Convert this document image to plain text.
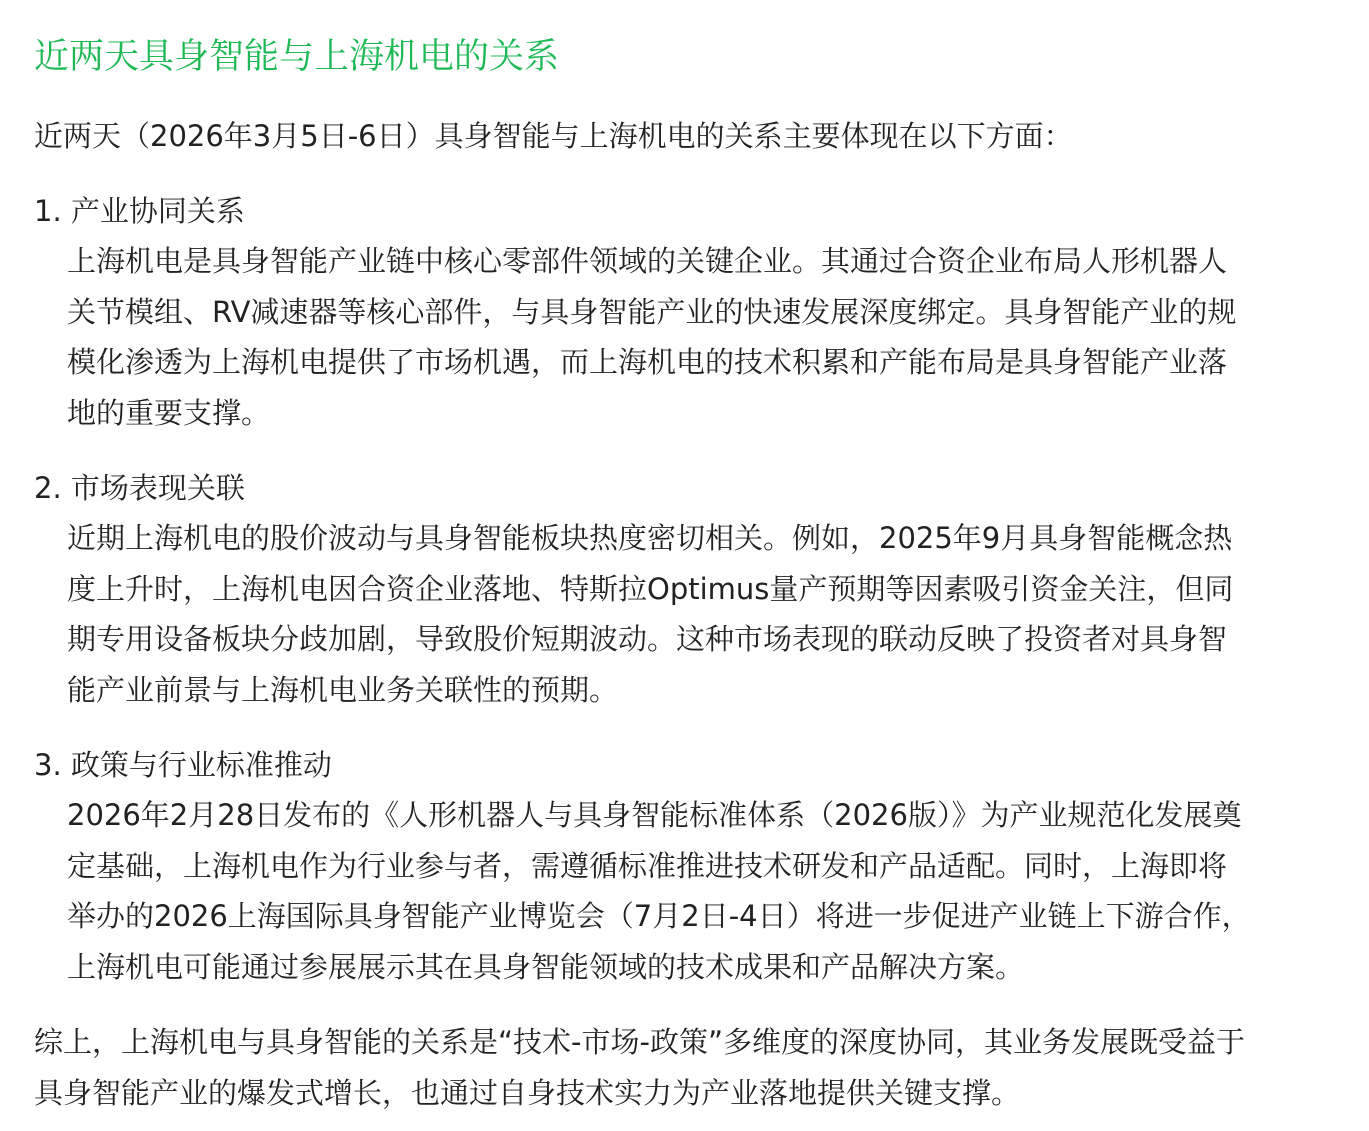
近两天具身智能与上海机电的关系

近两天（2026年3月5日-6日）具身智能与上海机电的关系主要体现在以下方面：

1. 产业协同关系

上海机电是具身智能产业链中核心零部件领域的关键企业。其通过合资企业布局人形机器人
关节模组、RV减速器等核心部件，与具身智能产业的快速发展深度绑定。具身智能产业的规
模化渗透为上海机电提供了市场机遇，而上海机电的技术积累和产能布局是具身智能产业落
地的重要支撑。

2. 市场表现关联

近期上海机电的股价波动与具身智能板块热度密切相关。例如，2025年9月具身智能概念热
度上升时，上海机电因合资企业落地、特斯拉Optimus量产预期等因素吸引资金关注，但同
期专用设备板块分歧加剧，导致股价短期波动。这种市场表现的联动反映了投资者对具身智
能产业前景与上海机电业务关联性的预期。

3. 政策与行业标准推动

2026年2月28日发布的《人形机器人与具身智能标准体系（2026版）》为产业规范化发展奠
定基础，上海机电作为行业参与者，需遵循标准推进技术研发和产品适配。同时，上海即将
举办的2026上海国际具身智能产业博览会（7月2日-4日）将进一步促进产业链上下游合作，
上海机电可能通过参展展示其在具身智能领域的技术成果和产品解决方案。

综上，上海机电与具身智能的关系是“技术-市场-政策”多维度的深度协同，其业务发展既受益于
具身智能产业的爆发式增长，也通过自身技术实力为产业落地提供关键支撑。
